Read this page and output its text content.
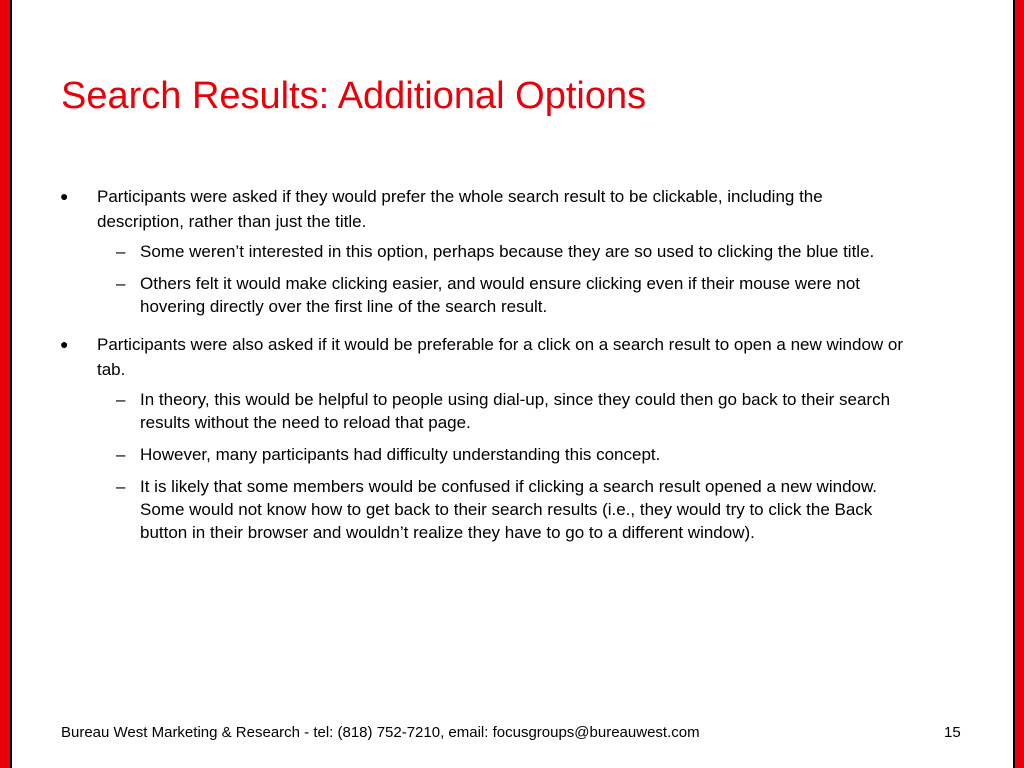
Search Results: Additional Options
● Participants were asked if they would prefer the whole search result to be clickable, including the description, rather than just the title.
– Some weren’t interested in this option, perhaps because they are so used to clicking the blue title.
– Others felt it would make clicking easier, and would ensure clicking even if their mouse were not hovering directly over the first line of the search result.
● Participants were also asked if it would be preferable for a click on a search result to open a new window or tab.
– In theory, this would be helpful to people using dial-up, since they could then go back to their search results without the need to reload that page.
– However, many participants had difficulty understanding this concept.
– It is likely that some members would be confused if clicking a search result opened a new window. Some would not know how to get back to their search results (i.e., they would try to click the Back button in their browser and wouldn’t realize they have to go to a different window).
Bureau West Marketing & Research - tel: (818) 752-7210, email: focusgroups@bureauwest.com	15
